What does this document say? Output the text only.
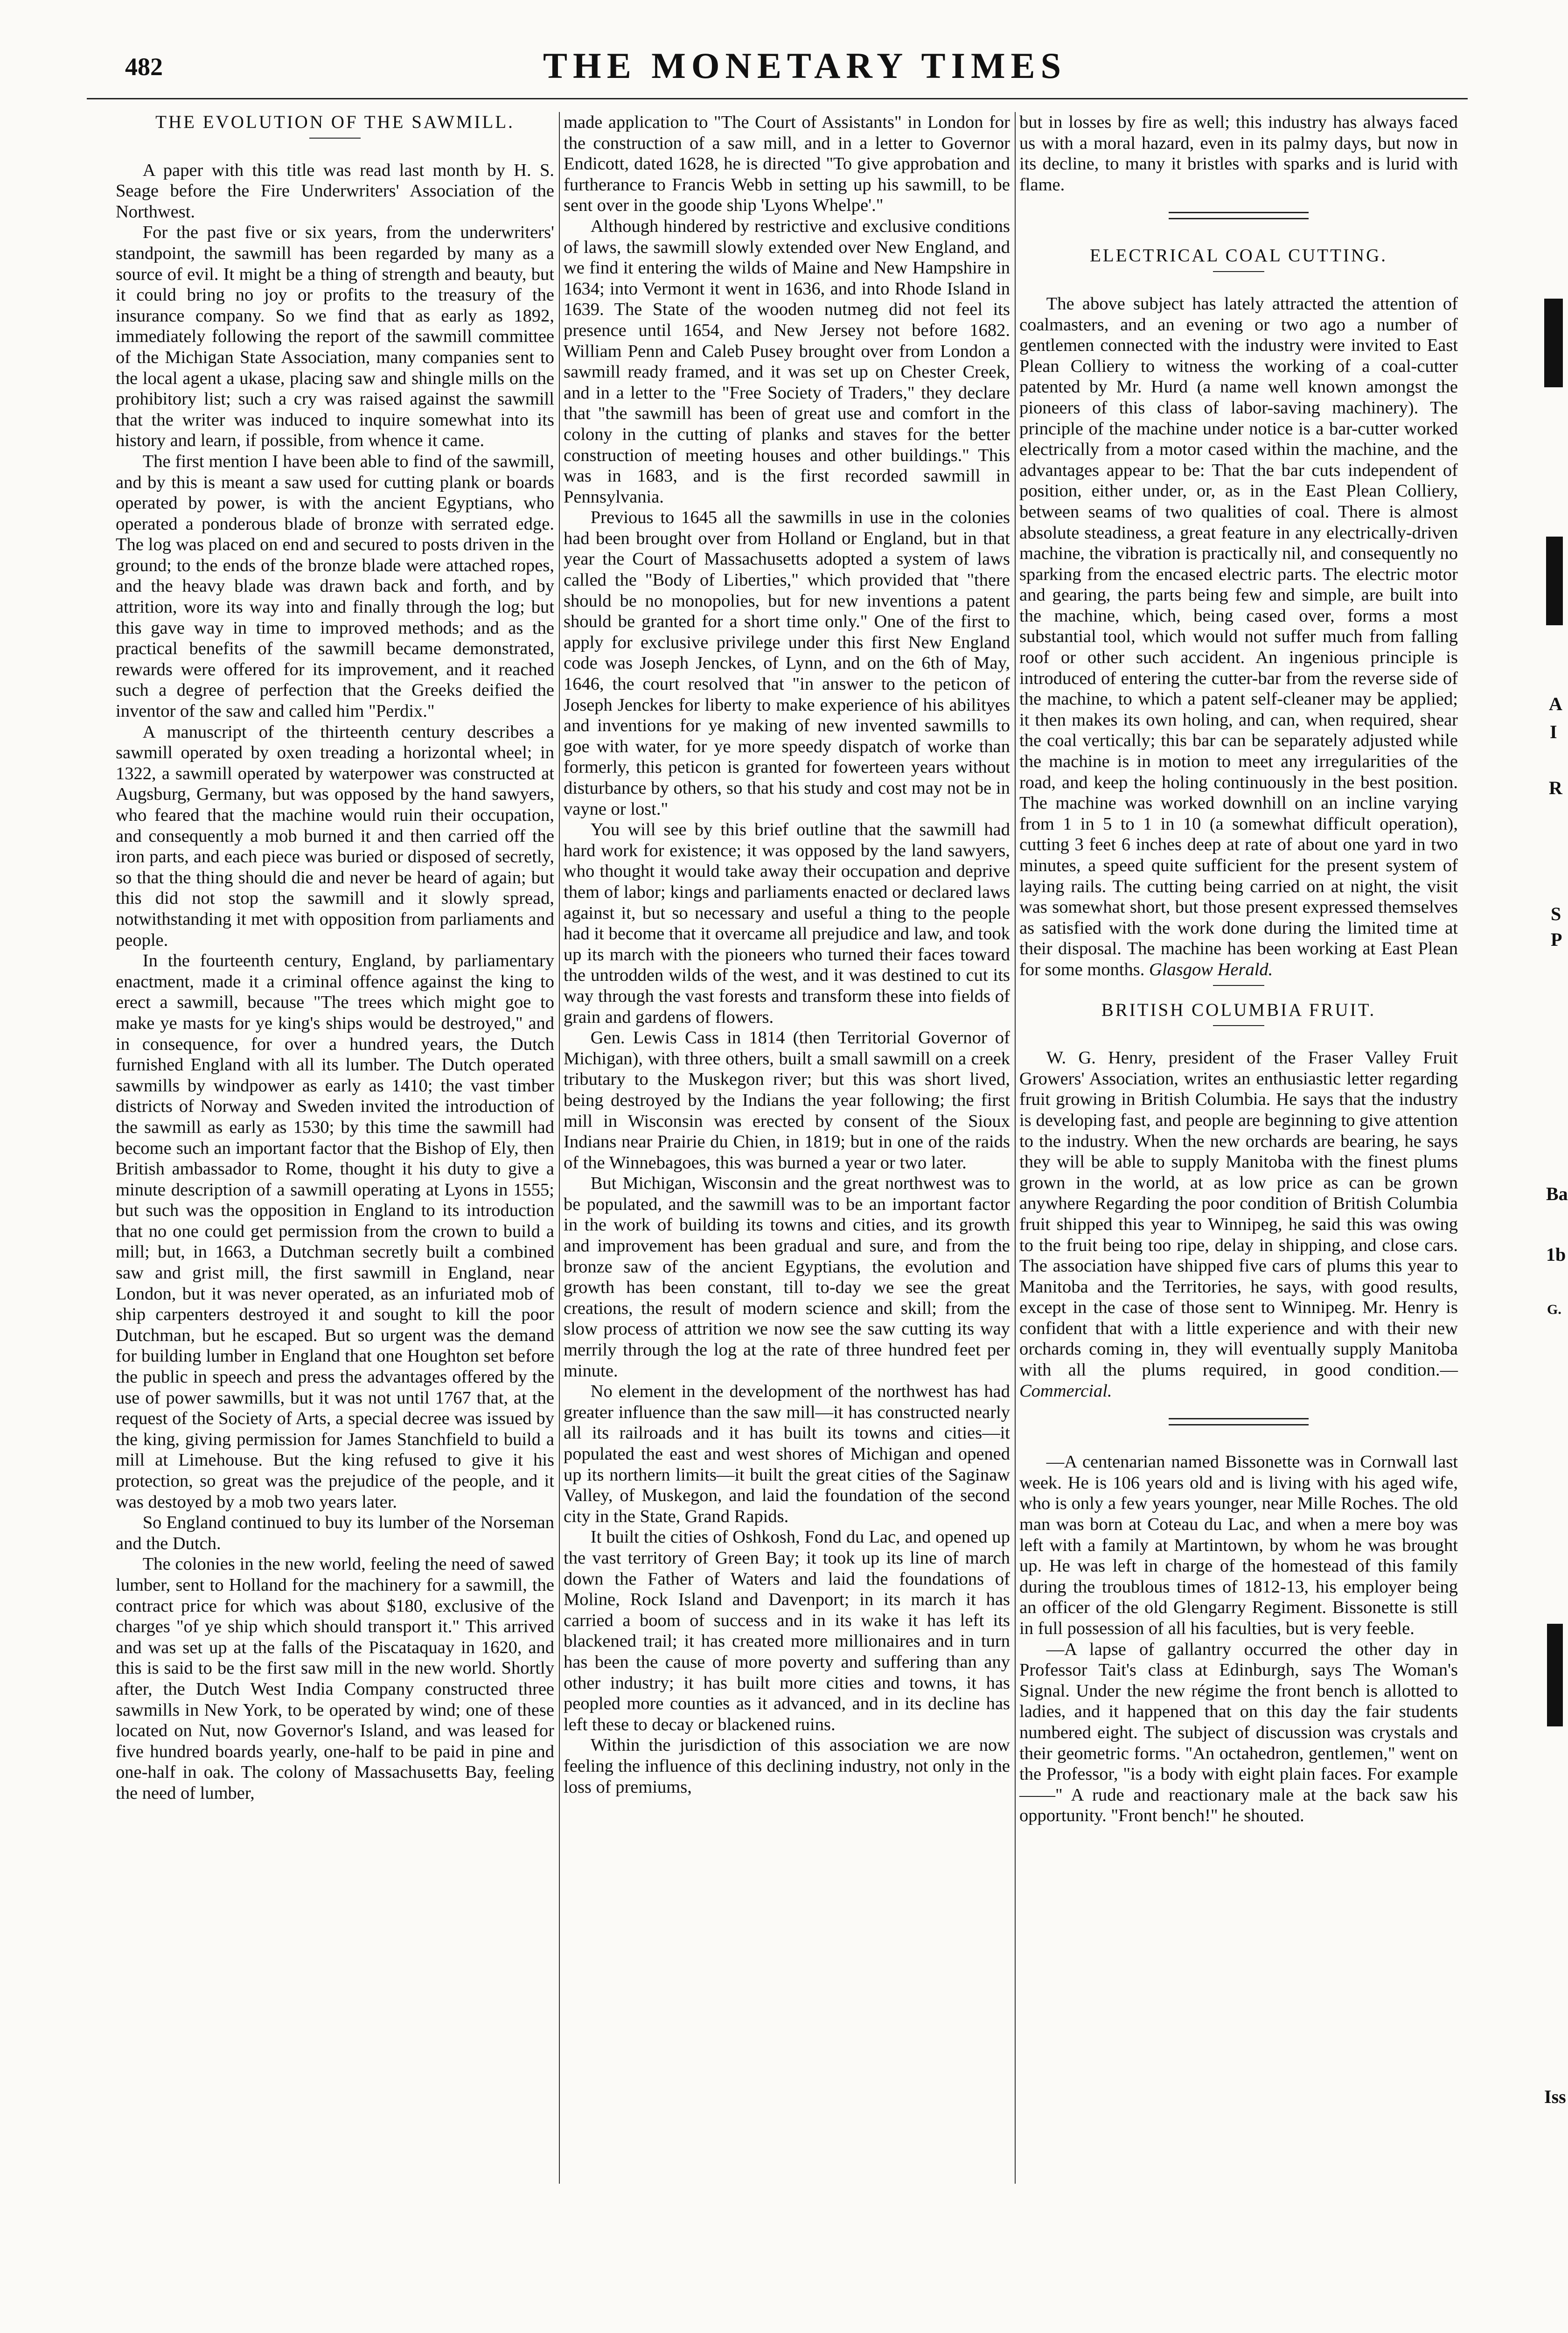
482	THE MONETARY TIMES

THE EVOLUTION OF THE SAWMILL.

A paper with this title was read last month by H. S. Seage before the Fire Underwriters' Association of the Northwest.

For the past five or six years, from the underwriters' standpoint, the sawmill has been regarded by many as a source of evil. It might be a thing of strength and beauty, but it could bring no joy or profits to the treasury of the insurance company. So we find that as early as 1892, immediately following the report of the sawmill committee of the Michigan State Association, many companies sent to the local agent a ukase, placing saw and shingle mills on the prohibitory list; such a cry was raised against the sawmill that the writer was induced to inquire somewhat into its history and learn, if possible, from whence it came.

The first mention I have been able to find of the sawmill, and by this is meant a saw used for cutting plank or boards operated by power, is with the ancient Egyptians, who operated a ponderous blade of bronze with serrated edge. The log was placed on end and secured to posts driven in the ground; to the ends of the bronze blade were attached ropes, and the heavy blade was drawn back and forth, and by attrition, wore its way into and finally through the log; but this gave way in time to improved methods; and as the practical benefits of the sawmill became demonstrated, rewards were offered for its improvement, and it reached such a degree of perfection that the Greeks deified the inventor of the saw and called him "Perdix."

A manuscript of the thirteenth century describes a sawmill operated by oxen treading a horizontal wheel; in 1322, a sawmill operated by waterpower was constructed at Augsburg, Germany, but was opposed by the hand sawyers, who feared that the machine would ruin their occupation, and consequently a mob burned it and then carried off the iron parts, and each piece was buried or disposed of secretly, so that the thing should die and never be heard of again; but this did not stop the sawmill and it slowly spread, notwithstanding it met with opposition from parliaments and people.

In the fourteenth century, England, by parliamentary enactment, made it a criminal offence against the king to erect a sawmill, because "The trees which might goe to make ye masts for ye king's ships would be destroyed," and in consequence, for over a hundred years, the Dutch furnished England with all its lumber. The Dutch operated sawmills by windpower as early as 1410; the vast timber districts of Norway and Sweden invited the introduction of the sawmill as early as 1530; by this time the sawmill had become such an important factor that the Bishop of Ely, then British ambassador to Rome, thought it his duty to give a minute description of a sawmill operating at Lyons in 1555; but such was the opposition in England to its introduction that no one could get permission from the crown to build a mill; but, in 1663, a Dutchman secretly built a combined saw and grist mill, the first sawmill in England, near London, but it was never operated, as an infuriated mob of ship carpenters destroyed it and sought to kill the poor Dutchman, but he escaped. But so urgent was the demand for building lumber in England that one Houghton set before the public in speech and press the advantages offered by the use of power sawmills, but it was not until 1767 that, at the request of the Society of Arts, a special decree was issued by the king, giving permission for James Stanchfield to build a mill at Limehouse. But the king refused to give it his protection, so great was the prejudice of the people, and it was destoyed by a mob two years later.

So England continued to buy its lumber of the Norseman and the Dutch.

The colonies in the new world, feeling the need of sawed lumber, sent to Holland for the machinery for a sawmill, the contract price for which was about $180, exclusive of the charges "of ye ship which should transport it." This arrived and was set up at the falls of the Piscataquay in 1620, and this is said to be the first saw mill in the new world. Shortly after, the Dutch West India Company constructed three sawmills in New York, to be operated by wind; one of these located on Nut, now Governor's Island, and was leased for five hundred boards yearly, one-half to be paid in pine and one-half in oak. The colony of Massachusetts Bay, feeling the need of lumber,

made application to "The Court of Assistants" in London for the construction of a saw mill, and in a letter to Governor Endicott, dated 1628, he is directed "To give approbation and furtherance to Francis Webb in setting up his sawmill, to be sent over in the goode ship 'Lyons Whelpe'."

Although hindered by restrictive and exclusive conditions of laws, the sawmill slowly extended over New England, and we find it entering the wilds of Maine and New Hampshire in 1634; into Vermont it went in 1636, and into Rhode Island in 1639. The State of the wooden nutmeg did not feel its presence until 1654, and New Jersey not before 1682. William Penn and Caleb Pusey brought over from London a sawmill ready framed, and it was set up on Chester Creek, and in a letter to the "Free Society of Traders," they declare that "the sawmill has been of great use and comfort in the colony in the cutting of planks and staves for the better construction of meeting houses and other buildings." This was in 1683, and is the first recorded sawmill in Pennsylvania.

Previous to 1645 all the sawmills in use in the colonies had been brought over from Holland or England, but in that year the Court of Massachusetts adopted a system of laws called the "Body of Liberties," which provided that "there should be no monopolies, but for new inventions a patent should be granted for a short time only." One of the first to apply for exclusive privilege under this first New England code was Joseph Jenckes, of Lynn, and on the 6th of May, 1646, the court resolved that "in answer to the peticon of Joseph Jenckes for liberty to make experience of his abilityes and inventions for ye making of new invented sawmills to goe with water, for ye more speedy dispatch of worke than formerly, this peticon is granted for fowerteen years without disturbance by others, so that his study and cost may not be in vayne or lost."

You will see by this brief outline that the sawmill had hard work for existence; it was opposed by the land sawyers, who thought it would take away their occupation and deprive them of labor; kings and parliaments enacted or declared laws against it, but so necessary and useful a thing to the people had it become that it overcame all prejudice and law, and took up its march with the pioneers who turned their faces toward the untrodden wilds of the west, and it was destined to cut its way through the vast forests and transform these into fields of grain and gardens of flowers.

Gen. Lewis Cass in 1814 (then Territorial Governor of Michigan), with three others, built a small sawmill on a creek tributary to the Muskegon river; but this was short lived, being destroyed by the Indians the year following; the first mill in Wisconsin was erected by consent of the Sioux Indians near Prairie du Chien, in 1819; but in one of the raids of the Winnebagoes, this was burned a year or two later.

But Michigan, Wisconsin and the great northwest was to be populated, and the sawmill was to be an important factor in the work of building its towns and cities, and its growth and improvement has been gradual and sure, and from the bronze saw of the ancient Egyptians, the evolution and growth has been constant, till to-day we see the great creations, the result of modern science and skill; from the slow process of attrition we now see the saw cutting its way merrily through the log at the rate of three hundred feet per minute.

No element in the development of the northwest has had greater influence than the saw mill—it has constructed nearly all its railroads and it has built its towns and cities—it populated the east and west shores of Michigan and opened up its northern limits—it built the great cities of the Saginaw Valley, of Muskegon, and laid the foundation of the second city in the State, Grand Rapids.

It built the cities of Oshkosh, Fond du Lac, and opened up the vast territory of Green Bay; it took up its line of march down the Father of Waters and laid the foundations of Moline, Rock Island and Davenport; in its march it has carried a boom of success and in its wake it has left its blackened trail; it has created more millionaires and in turn has been the cause of more poverty and suffering than any other industry; it has built more cities and towns, it has peopled more counties as it advanced, and in its decline has left these to decay or blackened ruins.

Within the jurisdiction of this association we are now feeling the influence of this declining industry, not only in the loss of premiums,

but in losses by fire as well; this industry has always faced us with a moral hazard, even in its palmy days, but now in its decline, to many it bristles with sparks and is lurid with flame.

ELECTRICAL COAL CUTTING.

The above subject has lately attracted the attention of coalmasters, and an evening or two ago a number of gentlemen connected with the industry were invited to East Plean Colliery to witness the working of a coal-cutter patented by Mr. Hurd (a name well known amongst the pioneers of this class of labor-saving machinery). The principle of the machine under notice is a bar-cutter worked electrically from a motor cased within the machine, and the advantages appear to be: That the bar cuts independent of position, either under, or, as in the East Plean Colliery, between seams of two qualities of coal. There is almost absolute steadiness, a great feature in any electrically-driven machine, the vibration is practically nil, and consequently no sparking from the encased electric parts. The electric motor and gearing, the parts being few and simple, are built into the machine, which, being cased over, forms a most substantial tool, which would not suffer much from falling roof or other such accident. An ingenious principle is introduced of entering the cutter-bar from the reverse side of the machine, to which a patent self-cleaner may be applied; it then makes its own holing, and can, when required, shear the coal vertically; this bar can be separately adjusted while the machine is in motion to meet any irregularities of the road, and keep the holing continuously in the best position. The machine was worked downhill on an incline varying from 1 in 5 to 1 in 10 (a somewhat difficult operation), cutting 3 feet 6 inches deep at rate of about one yard in two minutes, a speed quite sufficient for the present system of laying rails. The cutting being carried on at night, the visit was somewhat short, but those present expressed themselves as satisfied with the work done during the limited time at their disposal. The machine has been working at East Plean for some months. Glasgow Herald.

BRITISH COLUMBIA FRUIT.

W. G. Henry, president of the Fraser Valley Fruit Growers' Association, writes an enthusiastic letter regarding fruit growing in British Columbia. He says that the industry is developing fast, and people are beginning to give attention to the industry. When the new orchards are bearing, he says they will be able to supply Manitoba with the finest plums grown in the world, at as low price as can be grown anywhere Regarding the poor condition of British Columbia fruit shipped this year to Winnipeg, he said this was owing to the fruit being too ripe, delay in shipping, and close cars. The association have shipped five cars of plums this year to Manitoba and the Territories, he says, with good results, except in the case of those sent to Winnipeg. Mr. Henry is confident that with a little experience and with their new orchards coming in, they will eventually supply Manitoba with all the plums required, in good condition.—Commercial.

—A centenarian named Bissonette was in Cornwall last week. He is 106 years old and is living with his aged wife, who is only a few years younger, near Mille Roches. The old man was born at Coteau du Lac, and when a mere boy was left with a family at Martintown, by whom he was brought up. He was left in charge of the homestead of this family during the troublous times of 1812-13, his employer being an officer of the old Glengarry Regiment. Bissonette is still in full possession of all his faculties, but is very feeble.

—A lapse of gallantry occurred the other day in Professor Tait's class at Edinburgh, says The Woman's Signal. Under the new régime the front bench is allotted to ladies, and it happened that on this day the fair students numbered eight. The subject of discussion was crystals and their geometric forms. "An octahedron, gentlemen," went on the Professor, "is a body with eight plain faces. For example——" A rude and reactionary male at the back saw his opportunity. "Front bench!" he shouted.

A
I
R
S
P
Ba
1b
G.
Iss
